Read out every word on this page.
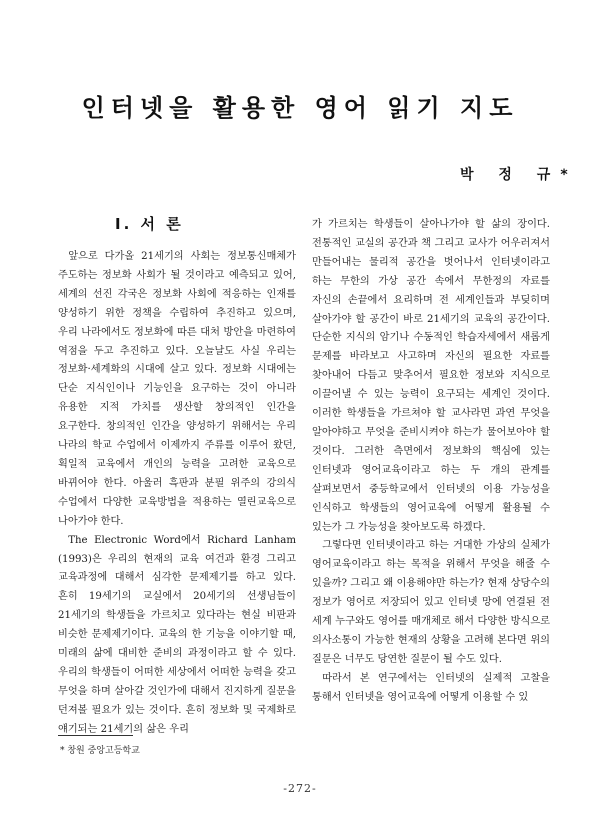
인터넷을 활용한 영어 읽기 지도
박 정 규*
Ⅰ. 서 론

앞으로 다가올 21세기의 사회는 정보통신매체가 주도하는 정보화 사회가 될 것이라고 예측되고 있어, 세계의 선진 각국은 정보화 사회에 적응하는 인재를 양성하기 위한 정책을 수립하여 추진하고 있으며, 우리 나라에서도 정보화에 따른 대처 방안을 마련하여 역점을 두고 추진하고 있다. 오늘날도 사실 우리는 정보화·세계화의 시대에 살고 있다. 정보화 시대에는 단순 지식인이나 기능인을 요구하는 것이 아니라 유용한 지적 가치를 생산할 창의적인 인간을 요구한다. 창의적인 인간을 양성하기 위해서는 우리 나라의 학교 수업에서 이제까지 주류를 이루어 왔던, 획일적 교육에서 개인의 능력을 고려한 교육으로 바뀌어야 한다. 아울러 흑판과 분필 위주의 강의식 수업에서 다양한 교육방법을 적용하는 열린교육으로 나아가야 한다.

The Electronic Word에서 Richard Lanham (1993)은 우리의 현재의 교육 여건과 환경 그리고 교육과정에 대해서 심각한 문제제기를 하고 있다. 흔히 19세기의 교실에서 20세기의 선생님들이 21세기의 학생들을 가르치고 있다라는 현실 비판과 비슷한 문제제기이다. 교육의 한 기능을 이야기할 때, 미래의 삶에 대비한 준비의 과정이라고 할 수 있다. 우리의 학생들이 어떠한 세상에서 어떠한 능력을 갖고 무엇을 하며 살아갈 것인가에 대해서 진지하게 질문을 던져볼 필요가 있는 것이다. 흔히 정보화 및 국제화로 얘기되는 21세기의 삶은 우리

가 가르치는 학생들이 살아나가야 할 삶의 장이다. 전통적인 교실의 공간과 책 그리고 교사가 어우러져서 만들어내는 물리적 공간을 벗어나서 인터넷이라고 하는 무한의 가상 공간 속에서 무한정의 자료를 자신의 손끝에서 요리하며 전 세계인들과 부딪히며 살아가야 할 공간이 바로 21세기의 교육의 공간이다. 단순한 지식의 암기나 수동적인 학습자세에서 새롭게 문제를 바라보고 사고하며 자신의 필요한 자료를 찾아내어 다듬고 맞추어서 필요한 정보와 지식으로 이끌어낼 수 있는 능력이 요구되는 세계인 것이다. 이러한 학생들을 가르쳐야 할 교사라면 과연 무엇을 알아야하고 무엇을 준비시켜야 하는가 물어보아야 할 것이다. 그러한 측면에서 정보화의 핵심에 있는 인터넷과 영어교육이라고 하는 두 개의 관계를 살펴보면서 중등학교에서 인터넷의 이용 가능성을 인식하고 학생들의 영어교육에 어떻게 활용될 수 있는가 그 가능성을 찾아보도록 하겠다.

그렇다면 인터넷이라고 하는 거대한 가상의 실체가 영어교육이라고 하는 목적을 위해서 무엇을 해줄 수 있을까? 그리고 왜 이용해야만 하는가? 현재 상당수의 정보가 영어로 저장되어 있고 인터넷 망에 연결된 전 세계 누구와도 영어를 매개체로 해서 다양한 방식으로 의사소통이 가능한 현재의 상황을 고려해 본다면 위의 질문은 너무도 당연한 질문이 될 수도 있다.

따라서 본 연구에서는 인터넷의 실제적 고찰을 통해서 인터넷을 영어교육에 어떻게 이용할 수 있

* 창원 중앙고등학교
-272-
